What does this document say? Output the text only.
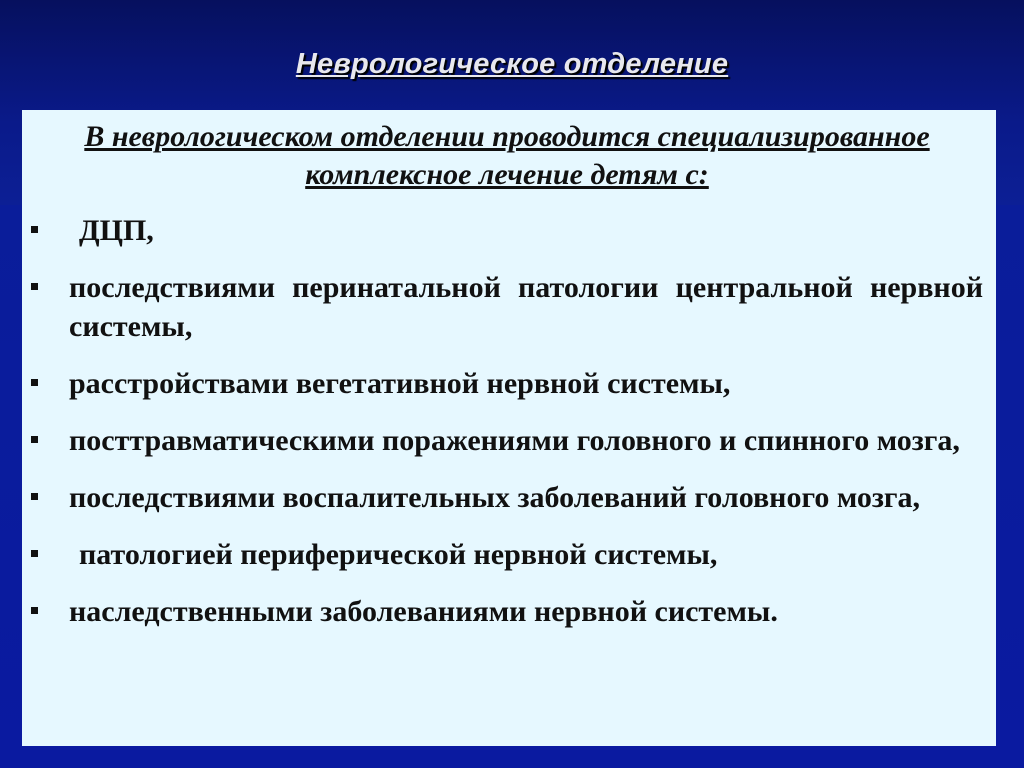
Неврологическое отделение
В неврологическом отделении проводится специализированное комплексное лечение детям с:
ДЦП,
последствиями перинатальной патологии центральной нервной системы,
расстройствами вегетативной нервной системы,
посттравматическими поражениями головного и спинного мозга,
последствиями воспалительных заболеваний головного мозга,
патологией периферической нервной системы,
наследственными заболеваниями нервной системы.
